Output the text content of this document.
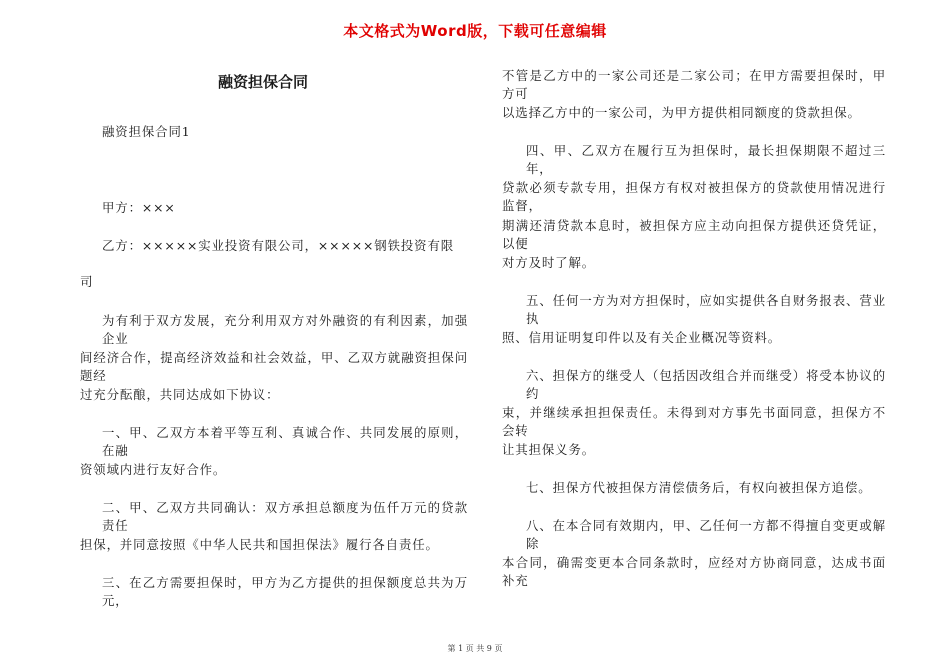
本文格式为Word版，下载可任意编辑
融资担保合同
融资担保合同1
甲方：×××
乙方：×××××实业投资有限公司，×××××钢铁投资有限
司
为有利于双方发展，充分利用双方对外融资的有利因素，加强企业
间经济合作，提高经济效益和社会效益，甲、乙双方就融资担保问题经
过充分酝酿，共同达成如下协议：
一、甲、乙双方本着平等互利、真诚合作、共同发展的原则，在融
资领域内进行友好合作。
二、甲、乙双方共同确认：双方承担总额度为伍仟万元的贷款责任
担保，并同意按照《中华人民共和国担保法》履行各自责任。
三、在乙方需要担保时，甲方为乙方提供的担保额度总共为万元，
不管是乙方中的一家公司还是二家公司；在甲方需要担保时，甲方可
以选择乙方中的一家公司，为甲方提供相同额度的贷款担保。
四、甲、乙双方在履行互为担保时，最长担保期限不超过三年，
贷款必须专款专用，担保方有权对被担保方的贷款使用情况进行监督，
期满还清贷款本息时，被担保方应主动向担保方提供还贷凭证，以便
对方及时了解。
五、任何一方为对方担保时，应如实提供各自财务报表、营业执
照、信用证明复印件以及有关企业概况等资料。
六、担保方的继受人（包括因改组合并而继受）将受本协议的约
束，并继续承担担保责任。未得到对方事先书面同意，担保方不会转
让其担保义务。
七、担保方代被担保方清偿债务后，有权向被担保方追偿。
八、在本合同有效期内，甲、乙任何一方都不得擅自变更或解除
本合同，确需变更本合同条款时，应经对方协商同意，达成书面补充
第 1 页 共 9 页
